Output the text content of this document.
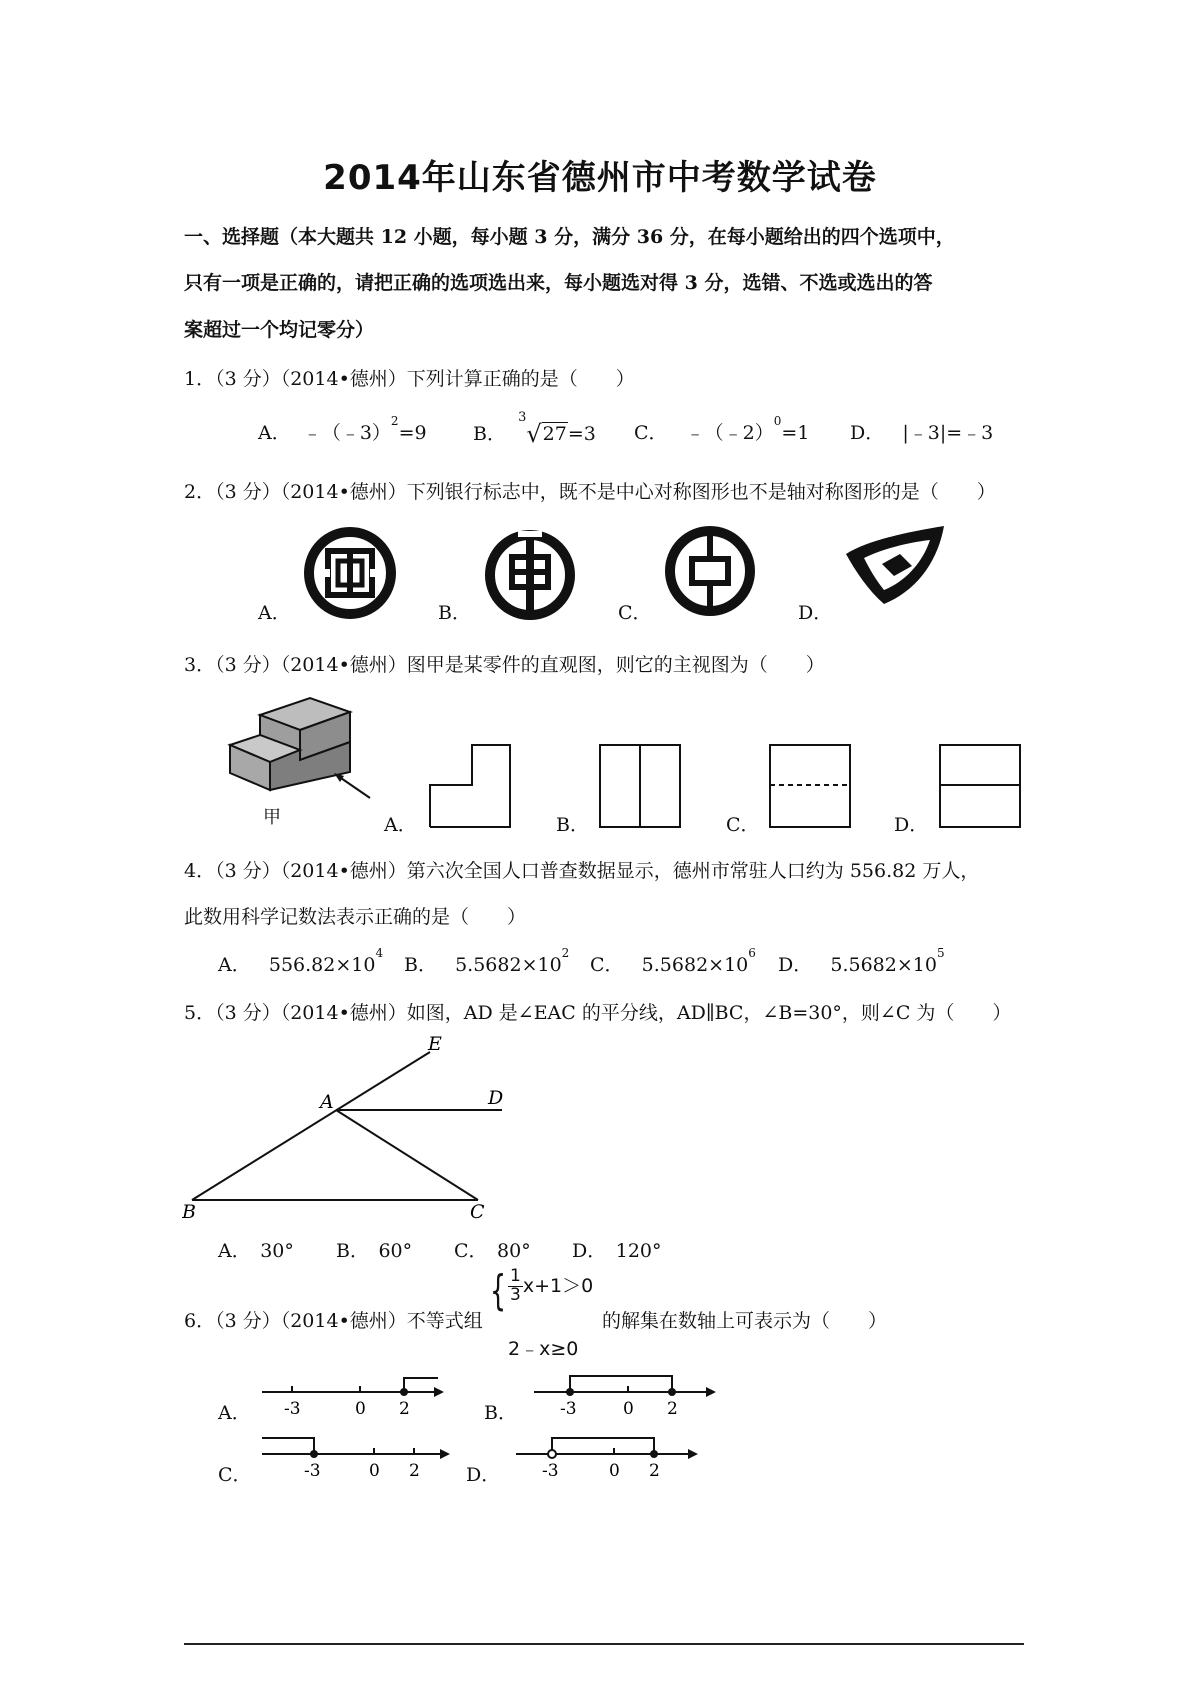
2014年山东省德州市中考数学试卷
一、选择题（本大题共 12 小题，每小题 3 分，满分 36 分，在每小题给出的四个选项中，
只有一项是正确的，请把正确的选项选出来，每小题选对得 3 分，选错、不选或选出的答
案超过一个均记零分）
1．（3 分）（2014•德州）下列计算正确的是（　　）
A． ﹣（﹣3）$^2$=9 B．  $^3$√27=3 C． ﹣（﹣2）$^0$=1 D． |﹣3|=﹣3
2．（3 分）（2014•德州）下列银行标志中，既不是中心对称图形也不是轴对称图形的是（　　）
A．	B．	C．	D．
3．（3 分）（2014•德州）图甲是某零件的直观图，则它的主视图为（　　）
甲	A．	B．	C．	D．
4．（3 分）（2014•德州）第六次全国人口普查数据显示，德州市常驻人口约为 556.82 万人，
此数用科学记数法表示正确的是（　　）
A． $556.82\times 10^4$
B． $5.5682\times 10^2$
C． $5.5682\times 10^6$
D． $5.5682\times 10^5$
5．（3 分）（2014•德州）如图，AD 是∠EAC 的平分线，AD∥BC，∠B=30°，则∠C 为（　　）
E
A	D
B	C
A．　30° B．　60° C．　80° D．　120°
6．（3 分）（2014•德州）不等式组
{ $\frac{1}{3} x+1>0$
2﹣x≥0
的解集在数轴上可表示为（　　）
A． -3	0 2	B．	-3	0 2
C．	-3	0 2 D． -3	0 2
